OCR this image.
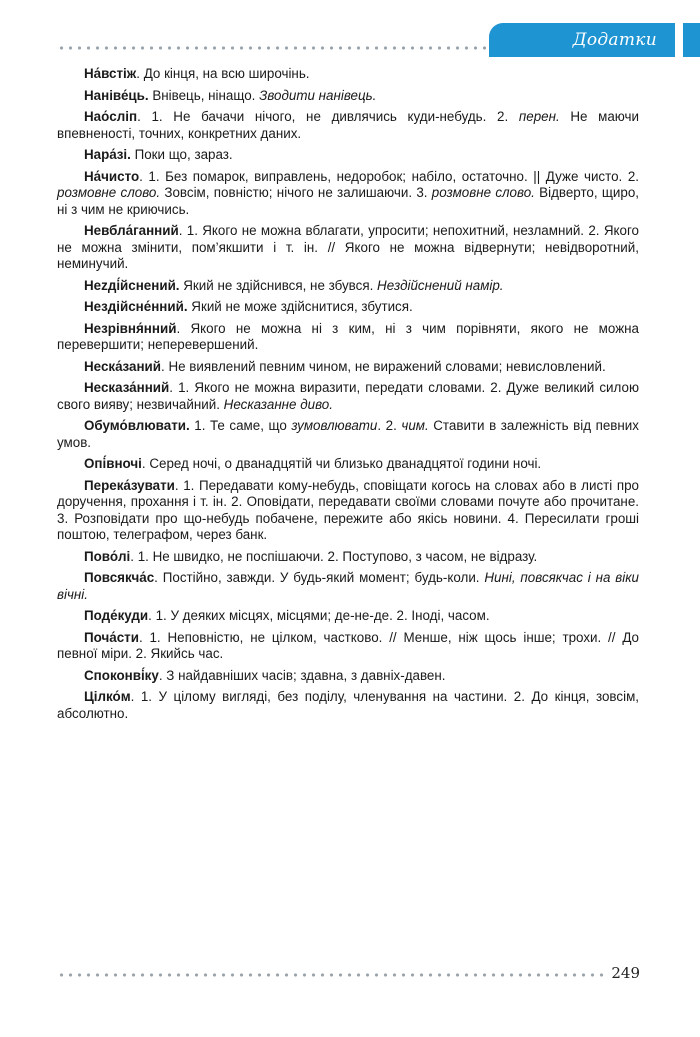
Додатки

На́встіж. До кінця, на всю широчінь.

Наніве́ць. Внівець, нінащо. Зводити нанівець.

Нао́сліп. 1. Не бачачи нічого, не дивлячись куди-небудь. 2. перен. Не маючи впевненості, точних, конкретних даних.

Нара́зі. Поки що, зараз.

На́чисто. 1. Без помарок, виправлень, недоробок; набіло, остаточно. || Дуже чисто. 2. розмовне слово. Зовсім, повністю; нічого не залишаючи. 3. розмовне слово. Відверто, щиро, ні з чим не криючись.

Невбла́ганний. 1. Якого не можна вблагати, упросити; непохитний, незламний. 2. Якого не можна змінити, пом’якшити і т. ін. // Якого не можна відвернути; невідворотний, неминучий.

Нezді́йснений. Який не здійснився, не збувся. Нездійснений намір.

Нездійсне́нний. Який не може здійснитися, збутися.

Незрівня́нний. Якого не можна ні з ким, ні з чим порівняти, якого не можна перевершити; неперевершений.

Неска́заний. Не виявлений певним чином, не виражений словами; невисловлений.

Несказа́нний. 1. Якого не можна виразити, передати словами. 2. Дуже великий силою свого вияву; незвичайний. Несказанне диво.

Обумо́влювати. 1. Те саме, що зумовлювати. 2. чим. Ставити в залежність від певних умов.

Опі́вночі. Серед ночі, о дванадцятій чи близько дванадцятої години ночі.

Перека́зувати. 1. Передавати кому-небудь, сповіщати когось на словах або в листі про доручення, прохання і т. ін. 2. Оповідати, передавати своїми словами почуте або прочитане. 3. Розповідати про що-небудь побачене, пережите або якісь новини. 4. Пересилати гроші поштою, телеграфом, через банк.

Пово́лі. 1. Не швидко, не поспішаючи. 2. Поступово, з часом, не відразу.

Повсякча́с. Постійно, завжди. У будь-який момент; будь-коли. Нині, повсякчас і на віки вічні.

Поде́куди. 1. У деяких місцях, місцями; де-не-де. 2. Іноді, часом.

Поча́сти. 1. Неповністю, не цілком, частково. // Менше, ніж щось інше; трохи. // До певної міри. 2. Якийсь час.

Споконві́ку. З найдавніших часів; здавна, з давніх-давен.

Цілко́м. 1. У цілому вигляді, без поділу, членування на частини. 2. До кінця, зовсім, абсолютно.

249
